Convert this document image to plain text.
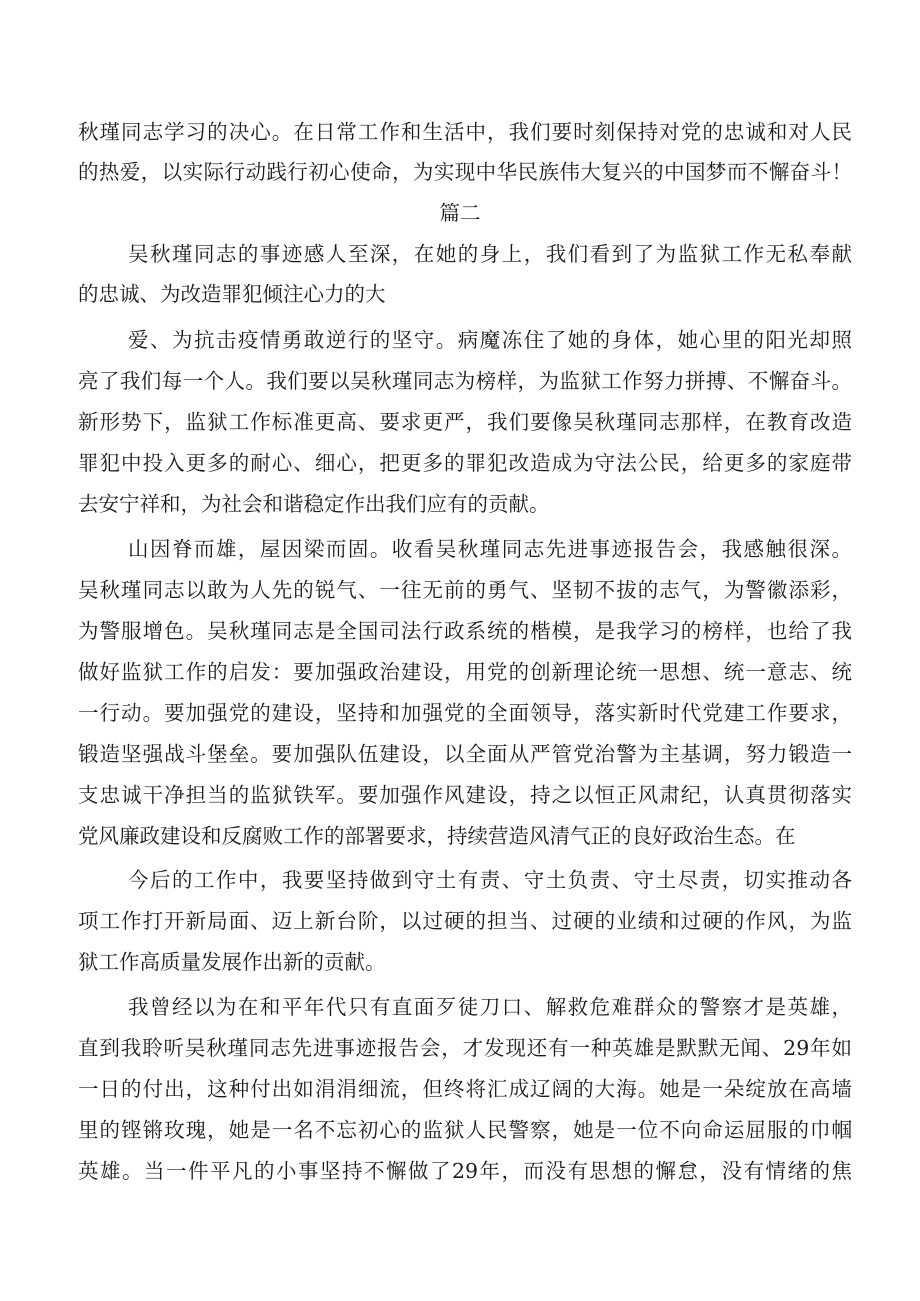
秋瑾同志学习的决心。在日常工作和生活中，我们要时刻保持对党的忠诚和对人民
的热爱，以实际行动践行初心使命，为实现中华民族伟大复兴的中国梦而不懈奋斗！
篇二
吴秋瑾同志的事迹感人至深，在她的身上，我们看到了为监狱工作无私奉献
的忠诚、为改造罪犯倾注心力的大
爱、为抗击疫情勇敢逆行的坚守。病魔冻住了她的身体，她心里的阳光却照
亮了我们每一个人。我们要以吴秋瑾同志为榜样，为监狱工作努力拼搏、不懈奋斗。
新形势下，监狱工作标准更高、要求更严，我们要像吴秋瑾同志那样，在教育改造
罪犯中投入更多的耐心、细心，把更多的罪犯改造成为守法公民，给更多的家庭带
去安宁祥和，为社会和谐稳定作出我们应有的贡献。
山因脊而雄，屋因梁而固。收看吴秋瑾同志先进事迹报告会，我感触很深。
吴秋瑾同志以敢为人先的锐气、一往无前的勇气、坚韧不拔的志气，为警徽添彩，
为警服增色。吴秋瑾同志是全国司法行政系统的楷模，是我学习的榜样，也给了我
做好监狱工作的启发：要加强政治建设，用党的创新理论统一思想、统一意志、统
一行动。要加强党的建设，坚持和加强党的全面领导，落实新时代党建工作要求，
锻造坚强战斗堡垒。要加强队伍建设，以全面从严管党治警为主基调，努力锻造一
支忠诚干净担当的监狱铁军。要加强作风建设，持之以恒正风肃纪，认真贯彻落实
党风廉政建设和反腐败工作的部署要求，持续营造风清气正的良好政治生态。在
今后的工作中，我要坚持做到守土有责、守土负责、守土尽责，切实推动各
项工作打开新局面、迈上新台阶，以过硬的担当、过硬的业绩和过硬的作风，为监
狱工作高质量发展作出新的贡献。
我曾经以为在和平年代只有直面歹徒刀口、解救危难群众的警察才是英雄，
直到我聆听吴秋瑾同志先进事迹报告会，才发现还有一种英雄是默默无闻、29年如
一日的付出，这种付出如涓涓细流，但终将汇成辽阔的大海。她是一朵绽放在高墙
里的铿锵玫瑰，她是一名不忘初心的监狱人民警察，她是一位不向命运屈服的巾帼
英雄。当一件平凡的小事坚持不懈做了29年，而没有思想的懈怠，没有情绪的焦
